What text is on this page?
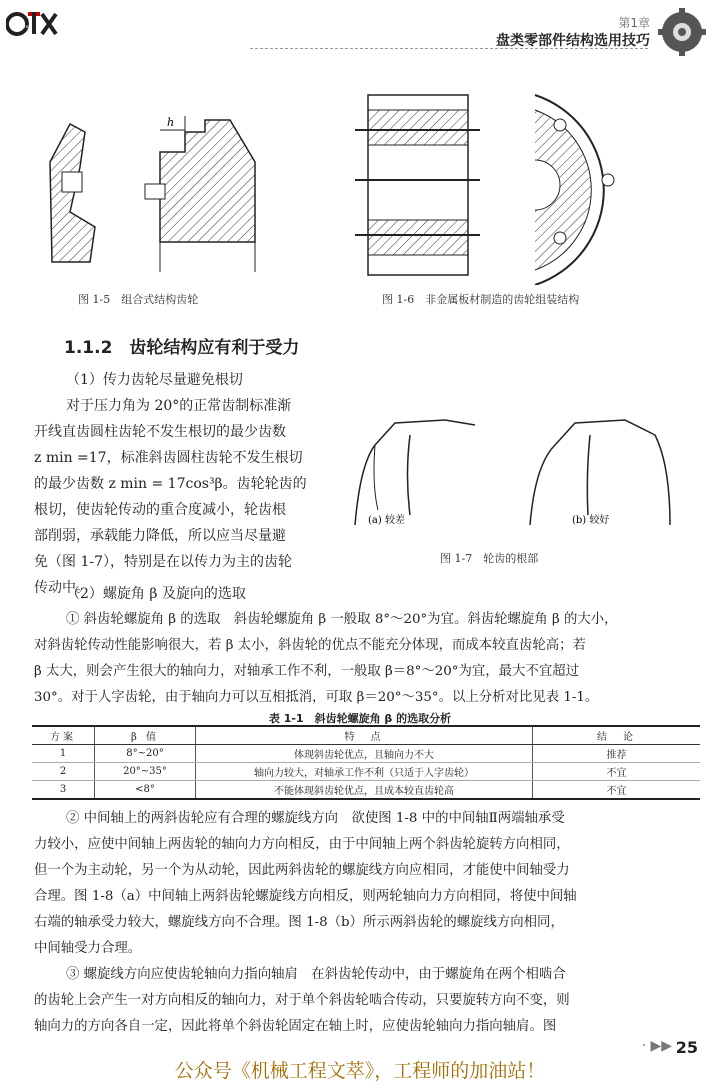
OTK	第1章
盘类零部件结构选用技巧
h
图 1-5　组合式结构齿轮	图 1-6　非金属板材制造的齿轮组装结构
1.1.2　齿轮结构应有利于受力
（1）传力齿轮尽量避免根切
对于压力角为 20°的正常齿制标准渐
开线直齿圆柱齿轮不发生根切的最少齿数
z min =17，标准斜齿圆柱齿轮不发生根切
的最少齿数 z min = 17cos³β。齿轮轮齿的
根切，使齿轮传动的重合度减小，轮齿根
部削弱，承载能力降低，所以应当尽量避
免（图 1-7），特别是在以传力为主的齿轮
传动中。
(a) 较差	(b) 较好
图 1-7　轮齿的根部
（2）螺旋角 β 及旋向的选取
① 斜齿轮螺旋角 β 的选取　斜齿轮螺旋角 β 一般取 8°～20°为宜。斜齿轮螺旋角 β 的大小，
对斜齿轮传动性能影响很大，若 β 太小，斜齿轮的优点不能充分体现，而成本较直齿轮高；若
β 太大，则会产生很大的轴向力，对轴承工作不利，一般取 β＝8°～20°为宜，最大不宜超过
30°。对于人字齿轮，由于轴向力可以互相抵消，可取 β＝20°～35°。以上分析对比见表 1-1。
表 1-1　斜齿轮螺旋角 β 的选取分析
方案	β 值	特　点	结　论
1	8°~20°	体现斜齿轮优点，且轴向力不大	推荐
2	20°~35°	轴向力较大，对轴承工作不利（只适于人字齿轮）	不宜
3	<8°	不能体现斜齿轮优点，且成本较直齿轮高	不宜
② 中间轴上的两斜齿轮应有合理的螺旋线方向　欲使图 1-8 中的中间轴Ⅱ两端轴承受
力较小，应使中间轴上两齿轮的轴向力方向相反，由于中间轴上两个斜齿轮旋转方向相同，
但一个为主动轮，另一个为从动轮，因此两斜齿轮的螺旋线方向应相同，才能使中间轴受力
合理。图 1-8（a）中间轴上两斜齿轮螺旋线方向相反，则两轮轴向力方向相同，将使中间轴
右端的轴承受力较大，螺旋线方向不合理。图 1-8（b）所示两斜齿轮的螺旋线方向相同，
中间轴受力合理。
③ 螺旋线方向应使齿轮轴向力指向轴肩　在斜齿轮传动中，由于螺旋角在两个相啮合
的齿轮上会产生一对方向相反的轴向力，对于单个斜齿轮啮合传动，只要旋转方向不变，则
轴向力的方向各自一定，因此将单个斜齿轮固定在轴上时，应使齿轮轴向力指向轴肩。图
· ▶▶ 25
公众号《机械工程文萃》，工程师的加油站！
